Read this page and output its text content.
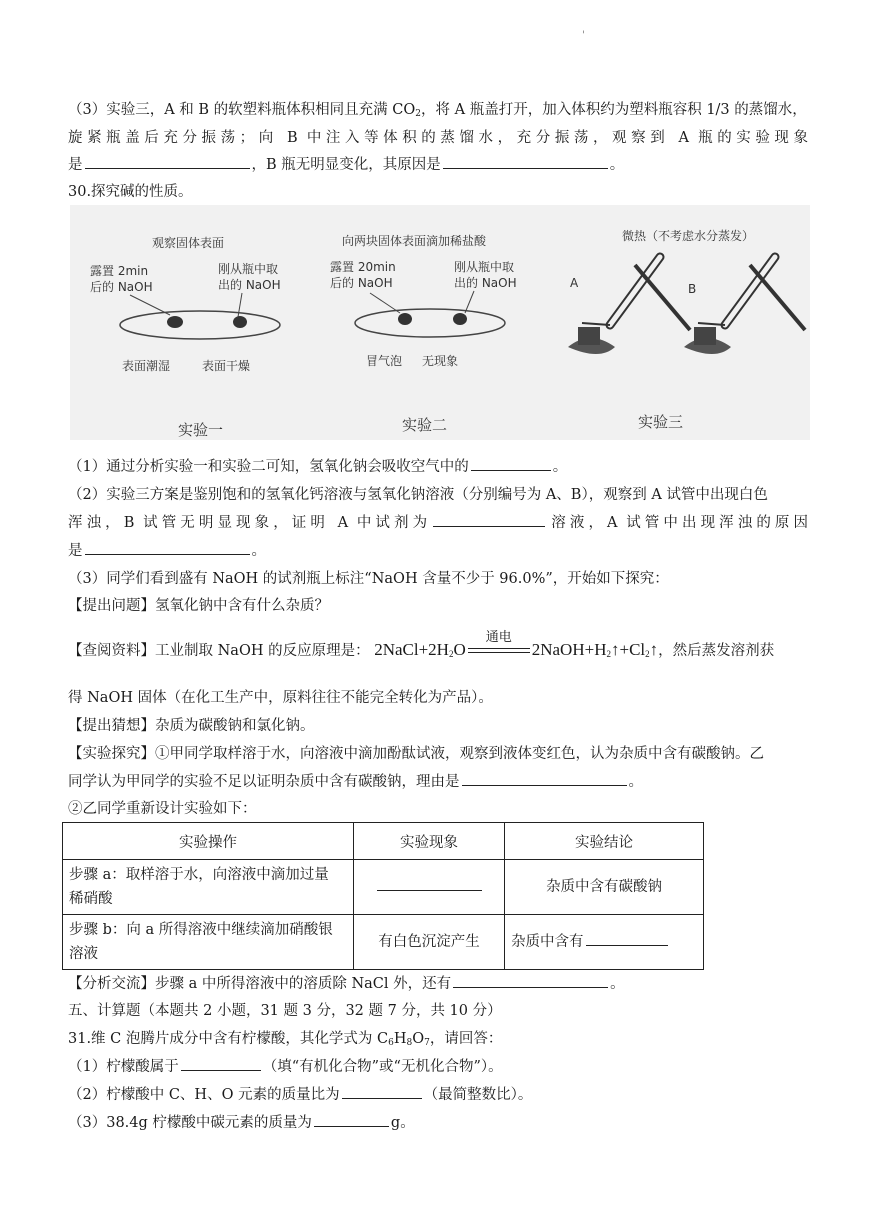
'
（3）实验三，A 和 B 的软塑料瓶体积相同且充满 $CO_2$，将 A 瓶盖打开，加入体积约为塑料瓶容积 1/3 的蒸馏水，
旋紧瓶盖后充分振荡；向 B 中注入等体积的蒸馏水，充分振荡，观察到 A 瓶的实验现象
是	，B 瓶无明显变化，其原因是	。
30.探究碱的性质。
观察固体表面
露置 2min
后的 NaOH
刚从瓶中取
出的 NaOH
表面潮湿	表面干燥
实验一
向两块固体表面滴加稀盐酸
露置 20min
后的 NaOH
刚从瓶中取
出的 NaOH
冒气泡 无现象
实验二
微热（不考虑水分蒸发）
A	B
实验三
（1）通过分析实验一和实验二可知，氢氧化钠会吸收空气中的	。
（2）实验三方案是鉴别饱和的氢氧化钙溶液与氢氧化钠溶液（分别编号为 A、B），观察到 A 试管中出现白色
浑浊，B 试管无明显现象，证明 A 中试剂为	溶液，A 试管中出现浑浊的原因
是	。
（3）同学们看到盛有 NaOH 的试剂瓶上标注“NaOH 含量不少于 96.0%”，开始如下探究：
【提出问题】氢氧化钠中含有什么杂质？
【查阅资料】工业制取 NaOH 的反应原理是： $2NaCl+2H_2O$
通电
$2NaOH+H_2↑+Cl_2↑$，然后蒸发溶剂获
得 NaOH 固体（在化工生产中，原料往往不能完全转化为产品）。
【提出猜想】杂质为碳酸钠和氯化钠。
【实验探究】①甲同学取样溶于水，向溶液中滴加酚酞试液，观察到液体变红色，认为杂质中含有碳酸钠。乙
同学认为甲同学的实验不足以证明杂质中含有碳酸钠，理由是	。
②乙同学重新设计实验如下：
实验操作	实验现象	实验结论
步骤 a：取样溶于水，向溶液中滴加过量
稀硝酸		杂质中含有碳酸钠
步骤 b：向 a 所得溶液中继续滴加硝酸银
溶液	有白色沉淀产生	杂质中含有
【分析交流】步骤 a 中所得溶液中的溶质除 NaCl 外，还有	。
五、计算题（本题共 2 小题，31 题 3 分，32 题 7 分，共 10 分）
31.维 C 泡腾片成分中含有柠檬酸，其化学式为 $C_6H_8O_7$，请回答：
（1）柠檬酸属于	（填“有机化合物”或“无机化合物”）。
（2）柠檬酸中 C、H、O 元素的质量比为	（最简整数比）。
（3）38.4g 柠檬酸中碳元素的质量为	g。
